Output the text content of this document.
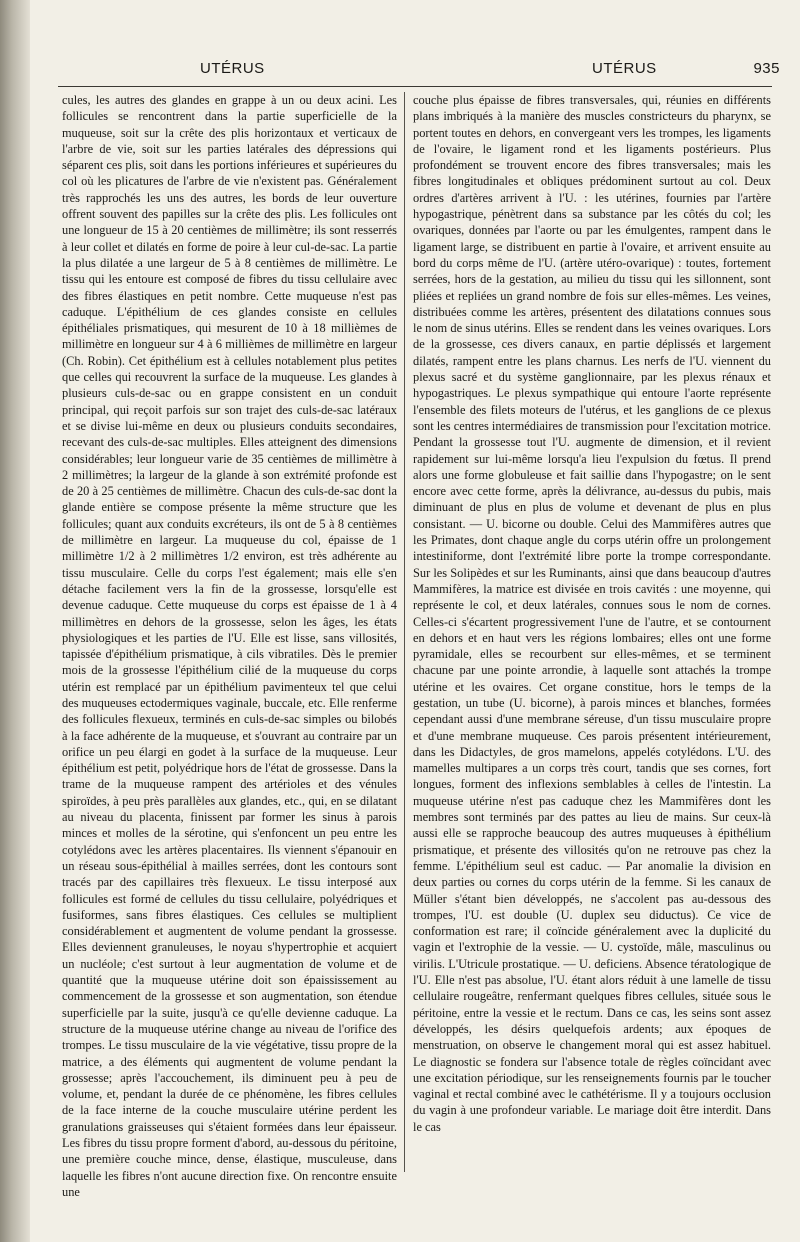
UTÉRUS	UTÉRUS	935

cules, les autres des glandes en grappe à un ou deux acini. Les follicules se rencontrent dans la partie superficielle de la muqueuse, soit sur la crête des plis horizontaux et verticaux de l'arbre de vie, soit sur les parties latérales des dépressions qui séparent ces plis, soit dans les portions inférieures et supérieures du col où les plicatures de l'arbre de vie n'existent pas. Généralement très rapprochés les uns des autres, les bords de leur ouverture offrent souvent des papilles sur la crête des plis. Les follicules ont une longueur de 15 à 20 centièmes de millimètre; ils sont resserrés à leur collet et dilatés en forme de poire à leur cul-de-sac. La partie la plus dilatée a une largeur de 5 à 8 centièmes de millimètre. Le tissu qui les entoure est composé de fibres du tissu cellulaire avec des fibres élastiques en petit nombre. Cette muqueuse n'est pas caduque. L'épithélium de ces glandes consiste en cellules épithéliales prismatiques, qui mesurent de 10 à 18 millièmes de millimètre en longueur sur 4 à 6 millièmes de millimètre en largeur (Ch. Robin). Cet épithélium est à cellules notablement plus petites que celles qui recouvrent la surface de la muqueuse. Les glandes à plusieurs culs-de-sac ou en grappe consistent en un conduit principal, qui reçoit parfois sur son trajet des culs-de-sac latéraux et se divise lui-même en deux ou plusieurs conduits secondaires, recevant des culs-de-sac multiples. Elles atteignent des dimensions considérables; leur longueur varie de 35 centièmes de millimètre à 2 millimètres; la largeur de la glande à son extrémité profonde est de 20 à 25 centièmes de millimètre. Chacun des culs-de-sac dont la glande entière se compose présente la même structure que les follicules; quant aux conduits excréteurs, ils ont de 5 à 8 centièmes de millimètre en largeur. La muqueuse du col, épaisse de 1 millimètre 1/2 à 2 millimètres 1/2 environ, est très adhérente au tissu musculaire. Celle du corps l'est également; mais elle s'en détache facilement vers la fin de la grossesse, lorsqu'elle est devenue caduque. Cette muqueuse du corps est épaisse de 1 à 4 millimètres en dehors de la grossesse, selon les âges, les états physiologiques et les parties de l'U. Elle est lisse, sans villosités, tapissée d'épithélium prismatique, à cils vibratiles. Dès le premier mois de la grossesse l'épithélium cilié de la muqueuse du corps utérin est remplacé par un épithélium pavimenteux tel que celui des muqueuses ectodermiques vaginale, buccale, etc. Elle renferme des follicules flexueux, terminés en culs-de-sac simples ou bilobés à la face adhérente de la muqueuse, et s'ouvrant au contraire par un orifice un peu élargi en godet à la surface de la muqueuse. Leur épithélium est petit, polyédrique hors de l'état de grossesse. Dans la trame de la muqueuse rampent des artérioles et des vénules spiroïdes, à peu près parallèles aux glandes, etc., qui, en se dilatant au niveau du placenta, finissent par former les sinus à parois minces et molles de la sérotine, qui s'enfoncent un peu entre les cotylédons avec les artères placentaires. Ils viennent s'épanouir en un réseau sous-épithélial à mailles serrées, dont les contours sont tracés par des capillaires très flexueux. Le tissu interposé aux follicules est formé de cellules du tissu cellulaire, polyédriques et fusiformes, sans fibres élastiques. Ces cellules se multiplient considérablement et augmentent de volume pendant la grossesse. Elles deviennent granuleuses, le noyau s'hypertrophie et acquiert un nucléole; c'est surtout à leur augmentation de volume et de quantité que la muqueuse utérine doit son épaississement au commencement de la grossesse et son augmentation, son étendue superficielle par la suite, jusqu'à ce qu'elle devienne caduque. La structure de la muqueuse utérine change au niveau de l'orifice des trompes. Le tissu musculaire de la vie végétative, tissu propre de la matrice, a des éléments qui augmentent de volume pendant la grossesse; après l'accouchement, ils diminuent peu à peu de volume, et, pendant la durée de ce phénomène, les fibres cellules de la face interne de la couche musculaire utérine perdent les granulations graisseuses qui s'étaient formées dans leur épaisseur. Les fibres du tissu propre forment d'abord, au-dessous du péritoine, une première couche mince, dense, élastique, musculeuse, dans laquelle les fibres n'ont aucune direction fixe. On rencontre ensuite une

couche plus épaisse de fibres transversales, qui, réunies en différents plans imbriqués à la manière des muscles constricteurs du pharynx, se portent toutes en dehors, en convergeant vers les trompes, les ligaments de l'ovaire, le ligament rond et les ligaments postérieurs. Plus profondément se trouvent encore des fibres transversales; mais les fibres longitudinales et obliques prédominent surtout au col. Deux ordres d'artères arrivent à l'U. : les utérines, fournies par l'artère hypogastrique, pénètrent dans sa substance par les côtés du col; les ovariques, données par l'aorte ou par les émulgentes, rampent dans le ligament large, se distribuent en partie à l'ovaire, et arrivent ensuite au bord du corps même de l'U. (artère utéro-ovarique) : toutes, fortement serrées, hors de la gestation, au milieu du tissu qui les sillonnent, sont pliées et repliées un grand nombre de fois sur elles-mêmes. Les veines, distribuées comme les artères, présentent des dilatations connues sous le nom de sinus utérins. Elles se rendent dans les veines ovariques. Lors de la grossesse, ces divers canaux, en partie déplissés et largement dilatés, rampent entre les plans charnus. Les nerfs de l'U. viennent du plexus sacré et du système ganglionnaire, par les plexus rénaux et hypogastriques. Le plexus sympathique qui entoure l'aorte représente l'ensemble des filets moteurs de l'utérus, et les ganglions de ce plexus sont les centres intermédiaires de transmission pour l'excitation motrice. Pendant la grossesse tout l'U. augmente de dimension, et il revient rapidement sur lui-même lorsqu'a lieu l'expulsion du fœtus. Il prend alors une forme globuleuse et fait saillie dans l'hypogastre; on le sent encore avec cette forme, après la délivrance, au-dessus du pubis, mais diminuant de plus en plus de volume et devenant de plus en plus consistant. — U. bicorne ou double. Celui des Mammifères autres que les Primates, dont chaque angle du corps utérin offre un prolongement intestiniforme, dont l'extrémité libre porte la trompe correspondante. Sur les Solipèdes et sur les Ruminants, ainsi que dans beaucoup d'autres Mammifères, la matrice est divisée en trois cavités : une moyenne, qui représente le col, et deux latérales, connues sous le nom de cornes. Celles-ci s'écartent progressivement l'une de l'autre, et se contournent en dehors et en haut vers les régions lombaires; elles ont une forme pyramidale, elles se recourbent sur elles-mêmes, et se terminent chacune par une pointe arrondie, à laquelle sont attachés la trompe utérine et les ovaires. Cet organe constitue, hors le temps de la gestation, un tube (U. bicorne), à parois minces et blanches, formées cependant aussi d'une membrane séreuse, d'un tissu musculaire propre et d'une membrane muqueuse. Ces parois présentent intérieurement, dans les Didactyles, de gros mamelons, appelés cotylédons. L'U. des mamelles multipares a un corps très court, tandis que ses cornes, fort longues, forment des inflexions semblables à celles de l'intestin. La muqueuse utérine n'est pas caduque chez les Mammifères dont les membres sont terminés par des pattes au lieu de mains. Sur ceux-là aussi elle se rapproche beaucoup des autres muqueuses à épithélium prismatique, et présente des villosités qu'on ne retrouve pas chez la femme. L'épithélium seul est caduc. — Par anomalie la division en deux parties ou cornes du corps utérin de la femme. Si les canaux de Müller s'étant bien développés, ne s'accolent pas au-dessous des trompes, l'U. est double (U. duplex seu diductus). Ce vice de conformation est rare; il coïncide généralement avec la duplicité du vagin et l'extrophie de la vessie. — U. cystoïde, mâle, masculinus ou virilis. L'Utricule prostatique. — U. deficiens. Absence tératologique de l'U. Elle n'est pas absolue, l'U. étant alors réduit à une lamelle de tissu cellulaire rougeâtre, renfermant quelques fibres cellules, située sous le péritoine, entre la vessie et le rectum. Dans ce cas, les seins sont assez développés, les désirs quelquefois ardents; aux époques de menstruation, on observe le changement moral qui est assez habituel. Le diagnostic se fondera sur l'absence totale de règles coïncidant avec une excitation périodique, sur les renseignements fournis par le toucher vaginal et rectal combiné avec le cathétérisme. Il y a toujours occlusion du vagin à une profondeur variable. Le mariage doit être interdit. Dans le cas
